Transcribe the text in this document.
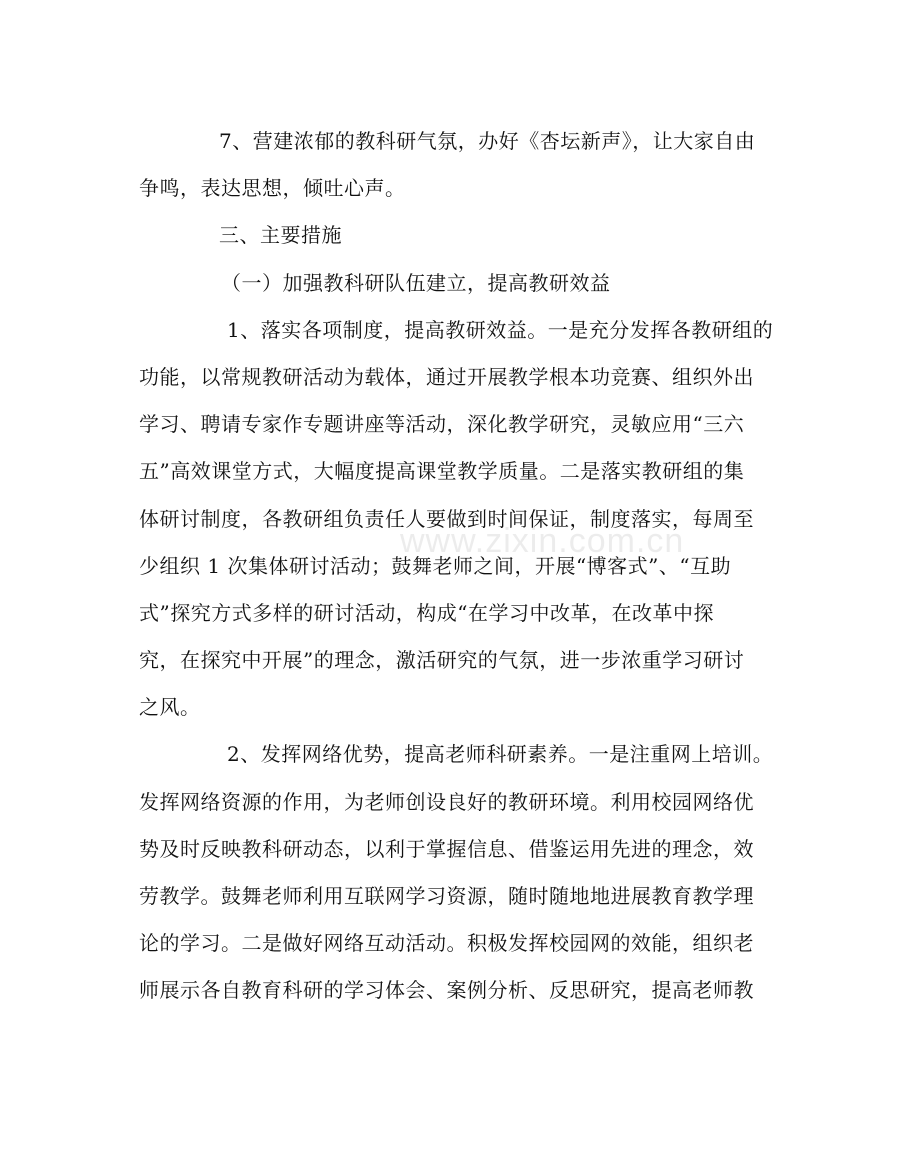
7、营建浓郁的教科研气氛，办好《杏坛新声》，让大家自由
争鸣，表达思想，倾吐心声。
三、主要措施
（一）加强教科研队伍建立，提高教研效益
1、落实各项制度，提高教研效益。一是充分发挥各教研组的
功能，以常规教研活动为载体，通过开展教学根本功竞赛、组织外出
学习、聘请专家作专题讲座等活动，深化教学研究，灵敏应用“三六
五”高效课堂方式，大幅度提高课堂教学质量。二是落实教研组的集
体研讨制度，各教研组负责任人要做到时间保证，制度落实，每周至
少组织 1 次集体研讨活动；鼓舞老师之间，开展“博客式”、“互助
式”探究方式多样的研讨活动，构成“在学习中改革，在改革中探
究，在探究中开展”的理念，激活研究的气氛，进一步浓重学习研讨
之风。
2、发挥网络优势，提高老师科研素养。一是注重网上培训。
发挥网络资源的作用，为老师创设良好的教研环境。利用校园网络优
势及时反映教科研动态，以利于掌握信息、借鉴运用先进的理念，效
劳教学。鼓舞老师利用互联网学习资源，随时随地地进展教育教学理
论的学习。二是做好网络互动活动。积极发挥校园网的效能，组织老
师展示各自教育科研的学习体会、案例分析、反思研究，提高老师教
www.zixin.com.cn
